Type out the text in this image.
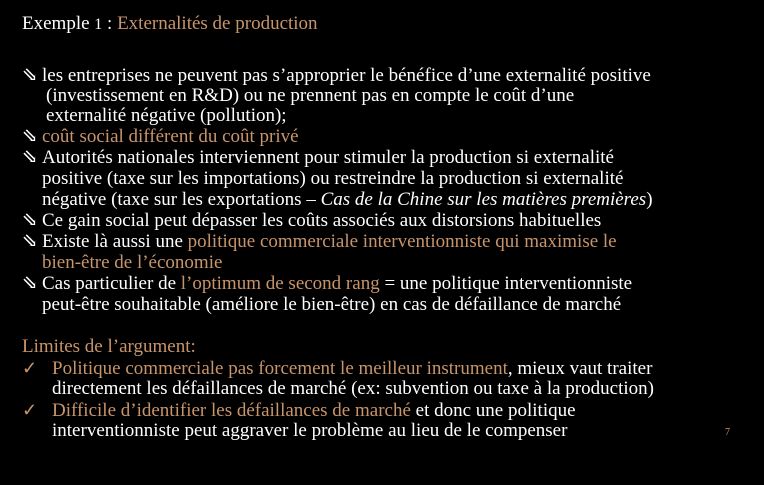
Exemple 1 : Externalités de production
⇘ les entreprises ne peuvent pas s’approprier le bénéfice d’une externalité positive
(investissement en R&D) ou ne prennent pas en compte le coût d’une
externalité négative (pollution);
⇘ coût social différent du coût privé
⇘ Autorités nationales interviennent pour stimuler la production si externalité
positive (taxe sur les importations) ou restreindre la production si externalité
négative (taxe sur les exportations – Cas de la Chine sur les matières premières)
⇘ Ce gain social peut dépasser les coûts associés aux distorsions habituelles
⇘ Existe là aussi une politique commerciale interventionniste qui maximise le
bien-être de l’économie
⇘ Cas particulier de l’optimum de second rang = une politique interventionniste
peut-être souhaitable (améliore le bien-être) en cas de défaillance de marché
Limites de l’argument:
✓ Politique commerciale pas forcement le meilleur instrument, mieux vaut traiter
directement les défaillances de marché (ex: subvention ou taxe à la production)
✓ Difficile d’identifier les défaillances de marché et donc une politique
interventionniste peut aggraver le problème au lieu de le compenser	7
